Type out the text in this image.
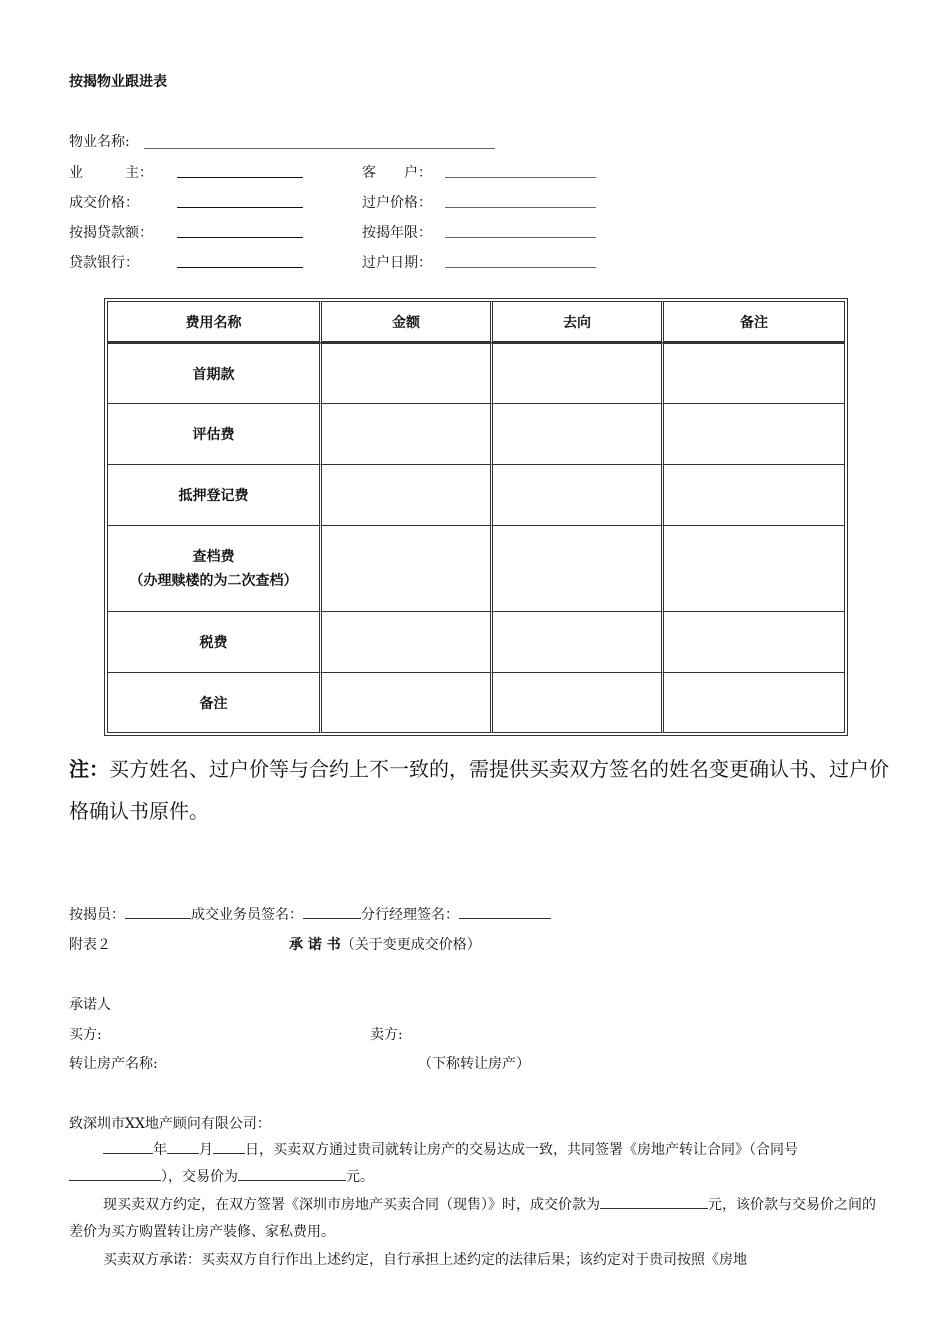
按揭物业跟进表
物业名称:
业　　　主：	客　　户：
成交价格：	过户价格：
按揭贷款额：	按揭年限：
贷款银行：	过户日期：
费用名称	金额	去向	备注
首期款			
评估费			
抵押登记费			

查档费
（办理赎楼的为二次查档）			

税费			
备注			
注：买方姓名、过户价等与合约上不一致的，需提供买卖双方签名的姓名变更确认书、过户价格确认书原件。
按揭员：	成交业务员签名：	分行经理签名：
附表２	承 诺 书（关于变更成交价格）
承诺人
买方:	卖方:
转让房产名称:	（下称转让房产）
致深圳市XX地产顾问有限公司：
年 月 日，买卖双方通过贵司就转让房产的交易达成一致，共同签署《房地产转让合同》（合同号），交易价为	元。
现买卖双方约定，在双方签署《深圳市房地产买卖合同（现售）》时，成交价款为	元，该价款与交易价之间的差价为买方购置转让房产装修、家私费用。
买卖双方承诺：买卖双方自行作出上述约定，自行承担上述约定的法律后果；该约定对于贵司按照《房地
